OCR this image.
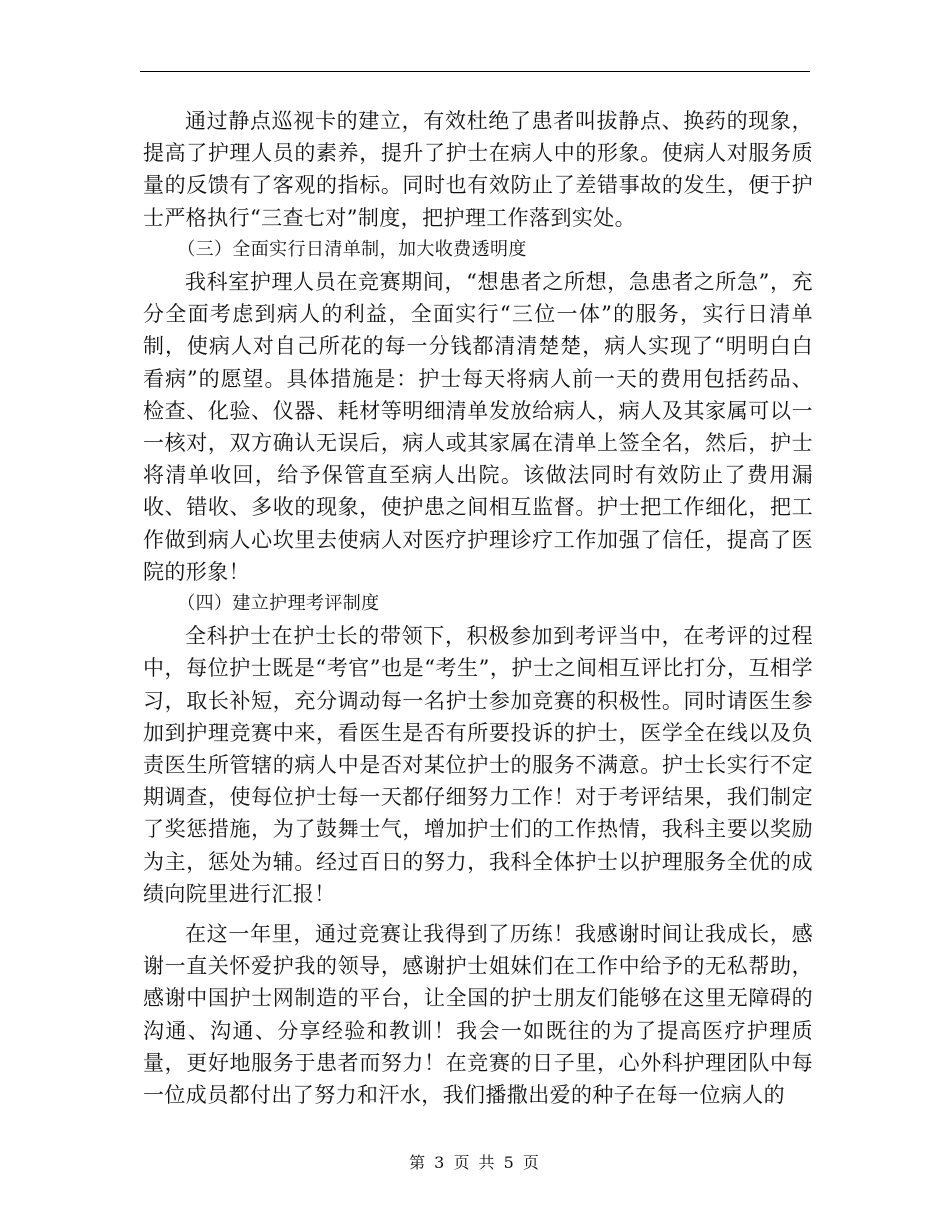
通过静点巡视卡的建立，有效杜绝了患者叫拔静点、换药的现象，提高了护理人员的素养，提升了护士在病人中的形象。使病人对服务质量的反馈有了客观的指标。同时也有效防止了差错事故的发生，便于护士严格执行“三查七对”制度，把护理工作落到实处。

（三）全面实行日清单制，加大收费透明度

我科室护理人员在竞赛期间，“想患者之所想，急患者之所急”，充分全面考虑到病人的利益，全面实行“三位一体”的服务，实行日清单制，使病人对自己所花的每一分钱都清清楚楚，病人实现了“明明白白看病”的愿望。具体措施是：护士每天将病人前一天的费用包括药品、检查、化验、仪器、耗材等明细清单发放给病人，病人及其家属可以一一核对，双方确认无误后，病人或其家属在清单上签全名，然后，护士将清单收回，给予保管直至病人出院。该做法同时有效防止了费用漏收、错收、多收的现象，使护患之间相互监督。护士把工作细化，把工作做到病人心坎里去使病人对医疗护理诊疗工作加强了信任，提高了医院的形象！

（四）建立护理考评制度

全科护士在护士长的带领下，积极参加到考评当中，在考评的过程中，每位护士既是“考官”也是“考生”，护士之间相互评比打分，互相学习，取长补短，充分调动每一名护士参加竞赛的积极性。同时请医生参加到护理竞赛中来，看医生是否有所要投诉的护士，医学全在线以及负责医生所管辖的病人中是否对某位护士的服务不满意。护士长实行不定期调查，使每位护士每一天都仔细努力工作！对于考评结果，我们制定了奖惩措施，为了鼓舞士气，增加护士们的工作热情，我科主要以奖励为主，惩处为辅。经过百日的努力，我科全体护士以护理服务全优的成绩向院里进行汇报！

在这一年里，通过竞赛让我得到了历练！我感谢时间让我成长，感谢一直关怀爱护我的领导，感谢护士姐妹们在工作中给予的无私帮助，感谢中国护士网制造的平台，让全国的护士朋友们能够在这里无障碍的沟通、沟通、分享经验和教训！我会一如既往的为了提高医疗护理质量，更好地服务于患者而努力！在竞赛的日子里，心外科护理团队中每一位成员都付出了努力和汗水，我们播撒出爱的种子在每一位病人的

第 3 页 共 5 页
